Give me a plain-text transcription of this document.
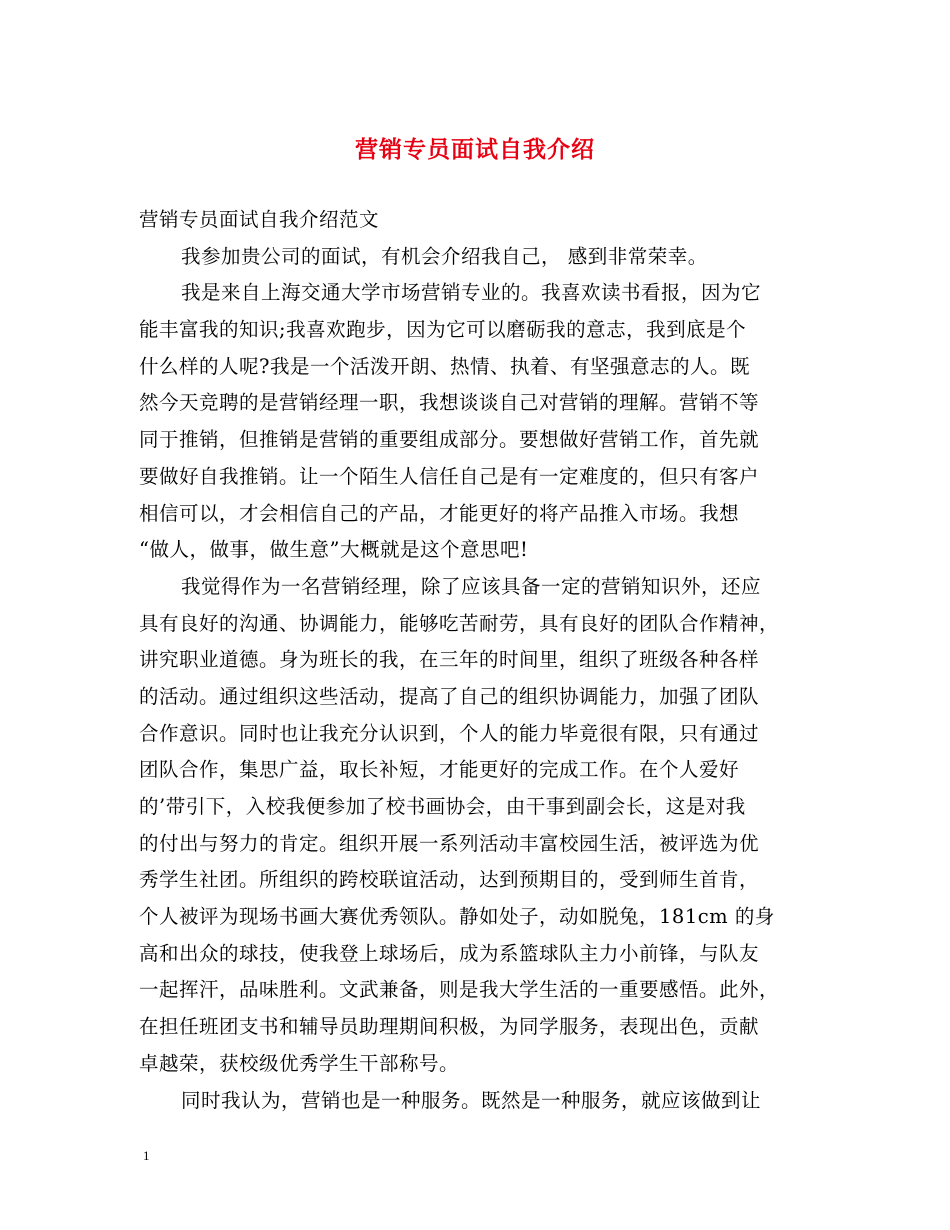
营销专员面试自我介绍
营销专员面试自我介绍范文
我参加贵公司的面试，有机会介绍我自己， 感到非常荣幸。
我是来自上海交通大学市场营销专业的。我喜欢读书看报，因为它
能丰富我的知识;我喜欢跑步，因为它可以磨砺我的意志，我到底是个
什么样的人呢?我是一个活泼开朗、热情、执着、有坚强意志的人。既
然今天竞聘的是营销经理一职，我想谈谈自己对营销的理解。营销不等
同于推销，但推销是营销的重要组成部分。要想做好营销工作，首先就
要做好自我推销。让一个陌生人信任自己是有一定难度的，但只有客户
相信可以，才会相信自己的产品，才能更好的将产品推入市场。我想
“做人，做事，做生意”大概就是这个意思吧!
我觉得作为一名营销经理，除了应该具备一定的营销知识外，还应
具有良好的沟通、协调能力，能够吃苦耐劳，具有良好的团队合作精神，
讲究职业道德。身为班长的我，在三年的时间里，组织了班级各种各样
的活动。通过组织这些活动，提高了自己的组织协调能力，加强了团队
合作意识。同时也让我充分认识到，个人的能力毕竟很有限，只有通过
团队合作，集思广益，取长补短，才能更好的完成工作。在个人爱好
的’带引下，入校我便参加了校书画协会，由干事到副会长，这是对我
的付出与努力的肯定。组织开展一系列活动丰富校园生活，被评选为优
秀学生社团。所组织的跨校联谊活动，达到预期目的，受到师生首肯，
个人被评为现场书画大赛优秀领队。静如处子，动如脱兔，181cm 的身
高和出众的球技，使我登上球场后，成为系篮球队主力小前锋，与队友
一起挥汗，品味胜利。文武兼备，则是我大学生活的一重要感悟。此外，
在担任班团支书和辅导员助理期间积极，为同学服务，表现出色，贡献
卓越荣，获校级优秀学生干部称号。
同时我认为，营销也是一种服务。既然是一种服务，就应该做到让
1
